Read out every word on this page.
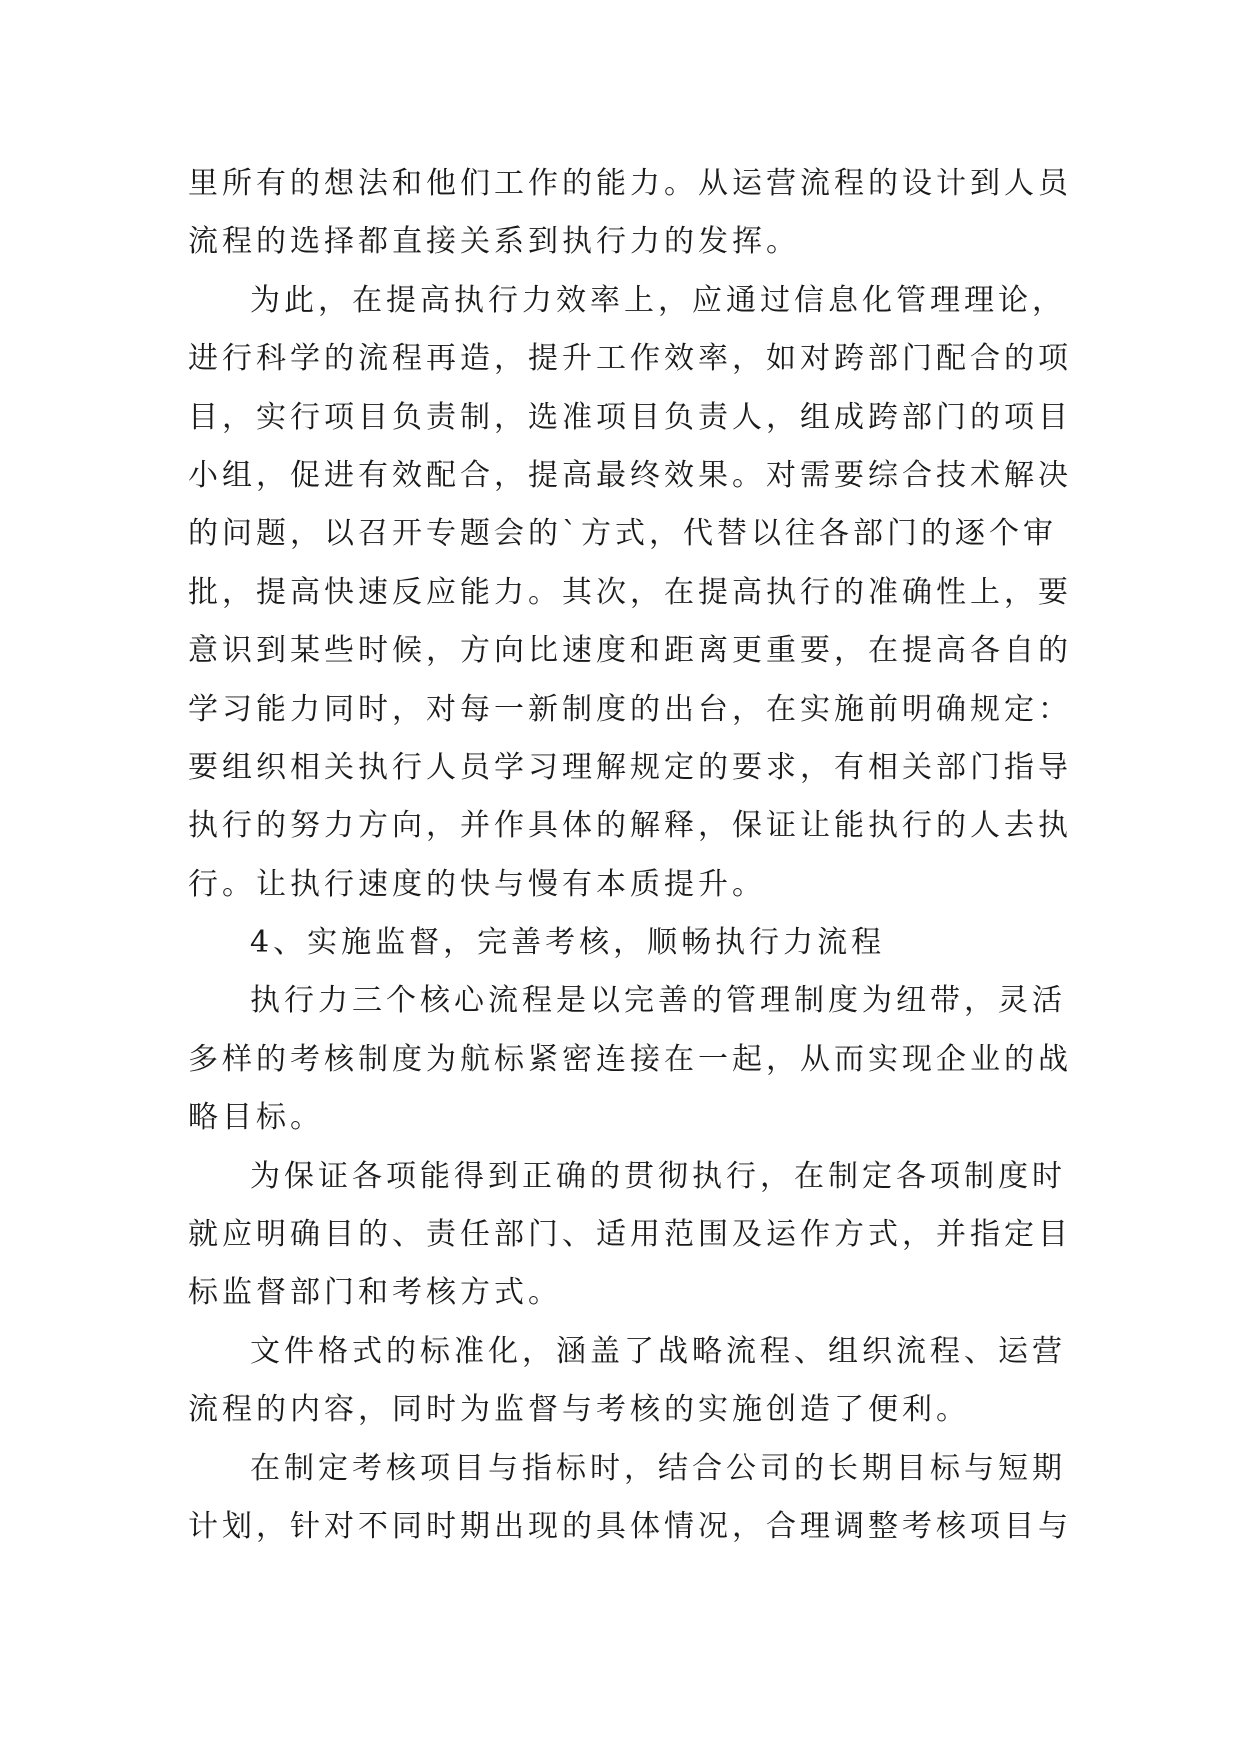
里所有的想法和他们工作的能力。从运营流程的设计到人员
流程的选择都直接关系到执行力的发挥。
为此，在提高执行力效率上，应通过信息化管理理论，
进行科学的流程再造，提升工作效率，如对跨部门配合的项
目，实行项目负责制，选准项目负责人，组成跨部门的项目
小组，促进有效配合，提高最终效果。对需要综合技术解决
的问题，以召开专题会的`方式，代替以往各部门的逐个审
批，提高快速反应能力。其次，在提高执行的准确性上，要
意识到某些时候，方向比速度和距离更重要，在提高各自的
学习能力同时，对每一新制度的出台，在实施前明确规定：
要组织相关执行人员学习理解规定的要求，有相关部门指导
执行的努力方向，并作具体的解释，保证让能执行的人去执
行。让执行速度的快与慢有本质提升。
4、实施监督，完善考核，顺畅执行力流程
执行力三个核心流程是以完善的管理制度为纽带，灵活
多样的考核制度为航标紧密连接在一起，从而实现企业的战
略目标。
为保证各项能得到正确的贯彻执行，在制定各项制度时
就应明确目的、责任部门、适用范围及运作方式，并指定目
标监督部门和考核方式。
文件格式的标准化，涵盖了战略流程、组织流程、运营
流程的内容，同时为监督与考核的实施创造了便利。
在制定考核项目与指标时，结合公司的长期目标与短期
计划，针对不同时期出现的具体情况，合理调整考核项目与
